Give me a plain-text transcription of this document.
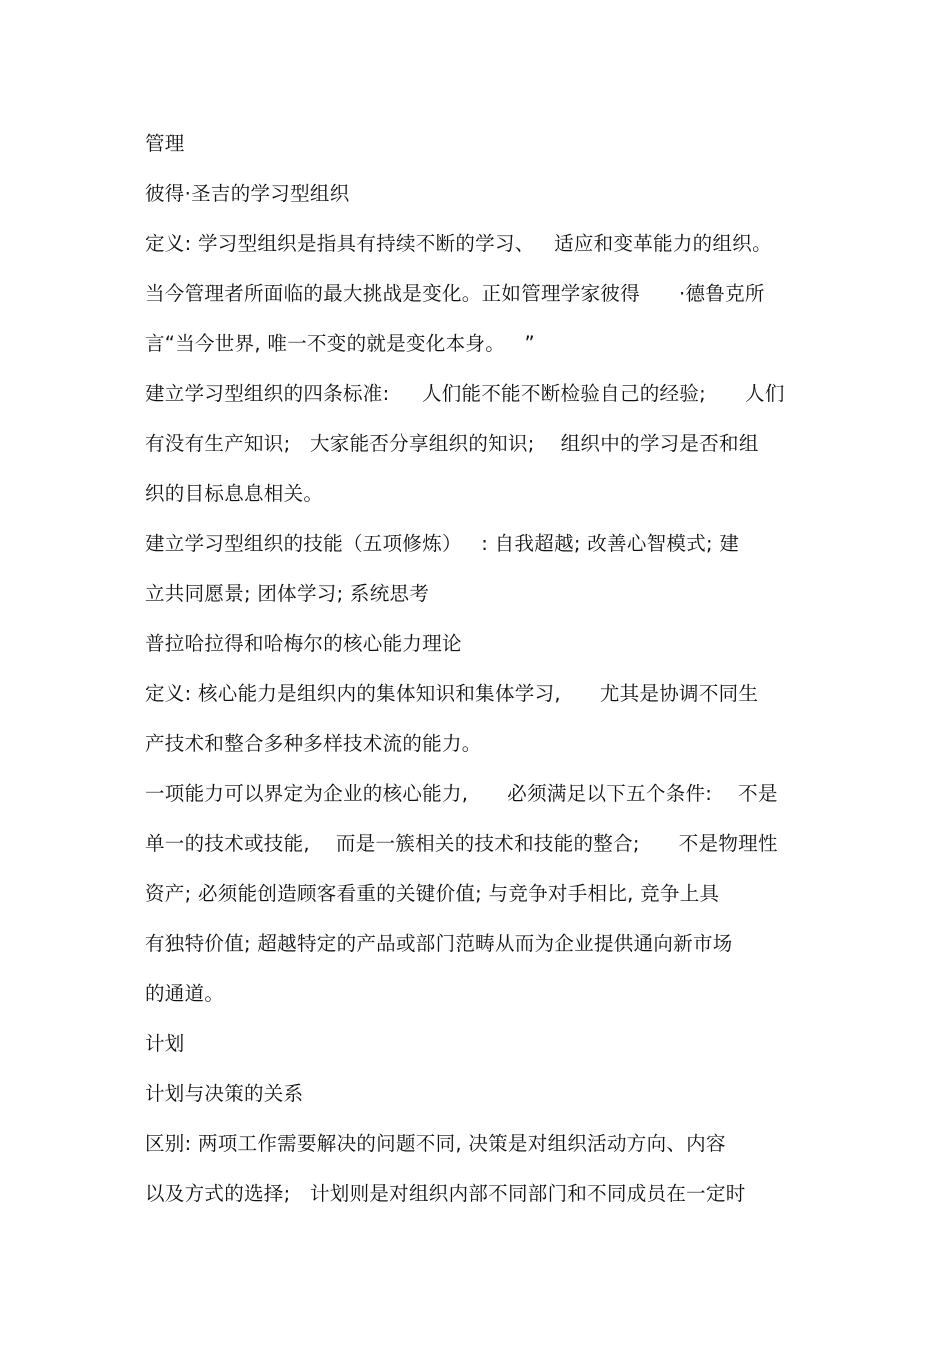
管理
彼得·圣吉的学习型组织
定义: 学习型组织是指具有持续不断的学习、   适应和变革能力的组织。
当今管理者所面临的最大挑战是变化。正如管理学家彼得      ·德鲁克所
言“当今世界, 唯一不变的就是变化本身。   ”
建立学习型组织的四条标准:     人们能不能不断检验自己的经验;      人们
有没有生产知识;   大家能否分享组织的知识;    组织中的学习是否和组
织的目标息息相关。
建立学习型组织的技能（五项修炼）   : 自我超越; 改善心智模式; 建
立共同愿景; 团体学习; 系统思考
普拉哈拉得和哈梅尔的核心能力理论
定义: 核心能力是组织内的集体知识和集体学习,      尤其是协调不同生
产技术和整合多种多样技术流的能力。
一项能力可以界定为企业的核心能力,      必须满足以下五个条件:    不是
单一的技术或技能,    而是一簇相关的技术和技能的整合;      不是物理性
资产; 必须能创造顾客看重的关键价值; 与竞争对手相比, 竞争上具
有独特价值; 超越特定的产品或部门范畴从而为企业提供通向新市场
的通道。
计划
计划与决策的关系
区别: 两项工作需要解决的问题不同, 决策是对组织活动方向、内容
以及方式的选择;   计划则是对组织内部不同部门和不同成员在一定时
